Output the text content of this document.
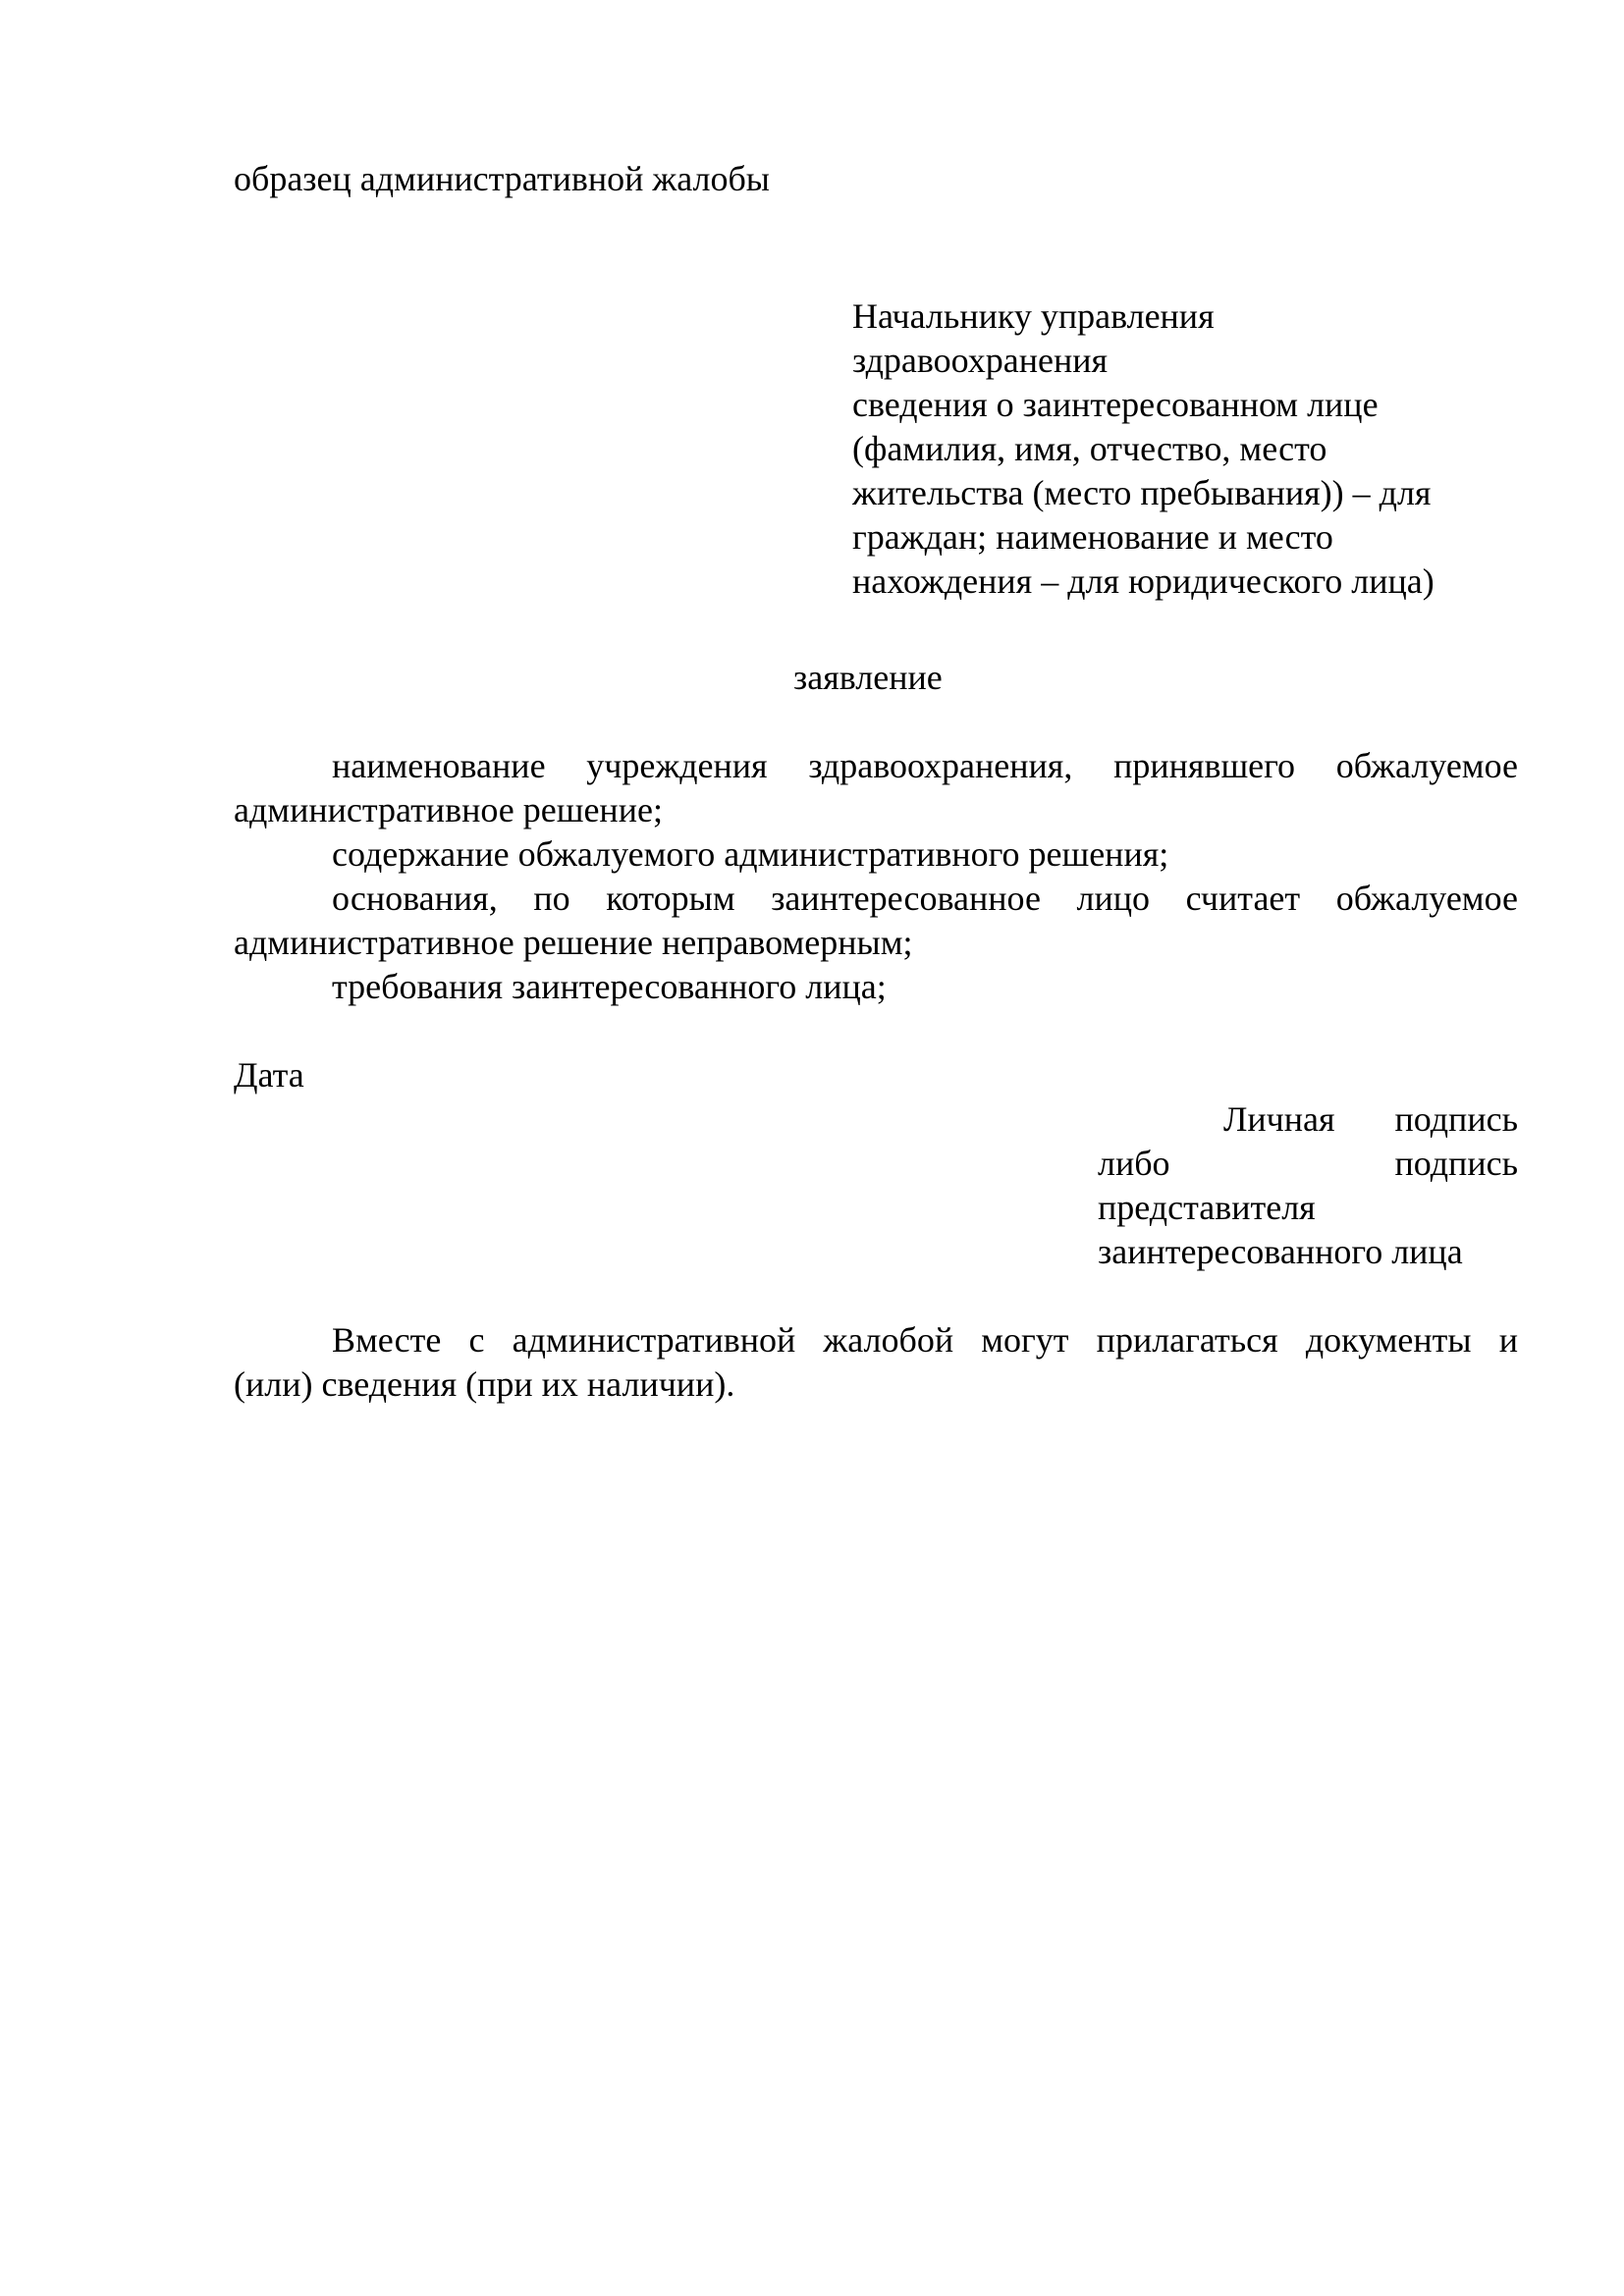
образец административной жалобы

Начальнику управления
здравоохранения
сведения о заинтересованном лице
(фамилия, имя, отчество, место
жительства (место пребывания)) – для
граждан; наименование и место
нахождения – для юридического лица)

заявление

наименование учреждения здравоохранения, принявшего обжалуемое

административное решение;

содержание обжалуемого административного решения;

основания, по которым заинтересованное лицо считает обжалуемое

административное решение неправомерным;

требования заинтересованного лица;

Дата

Личная подпись
либо	подпись

представителя

заинтересованного лица

Вместе с административной жалобой могут прилагаться документы и

(или) сведения (при их наличии).
